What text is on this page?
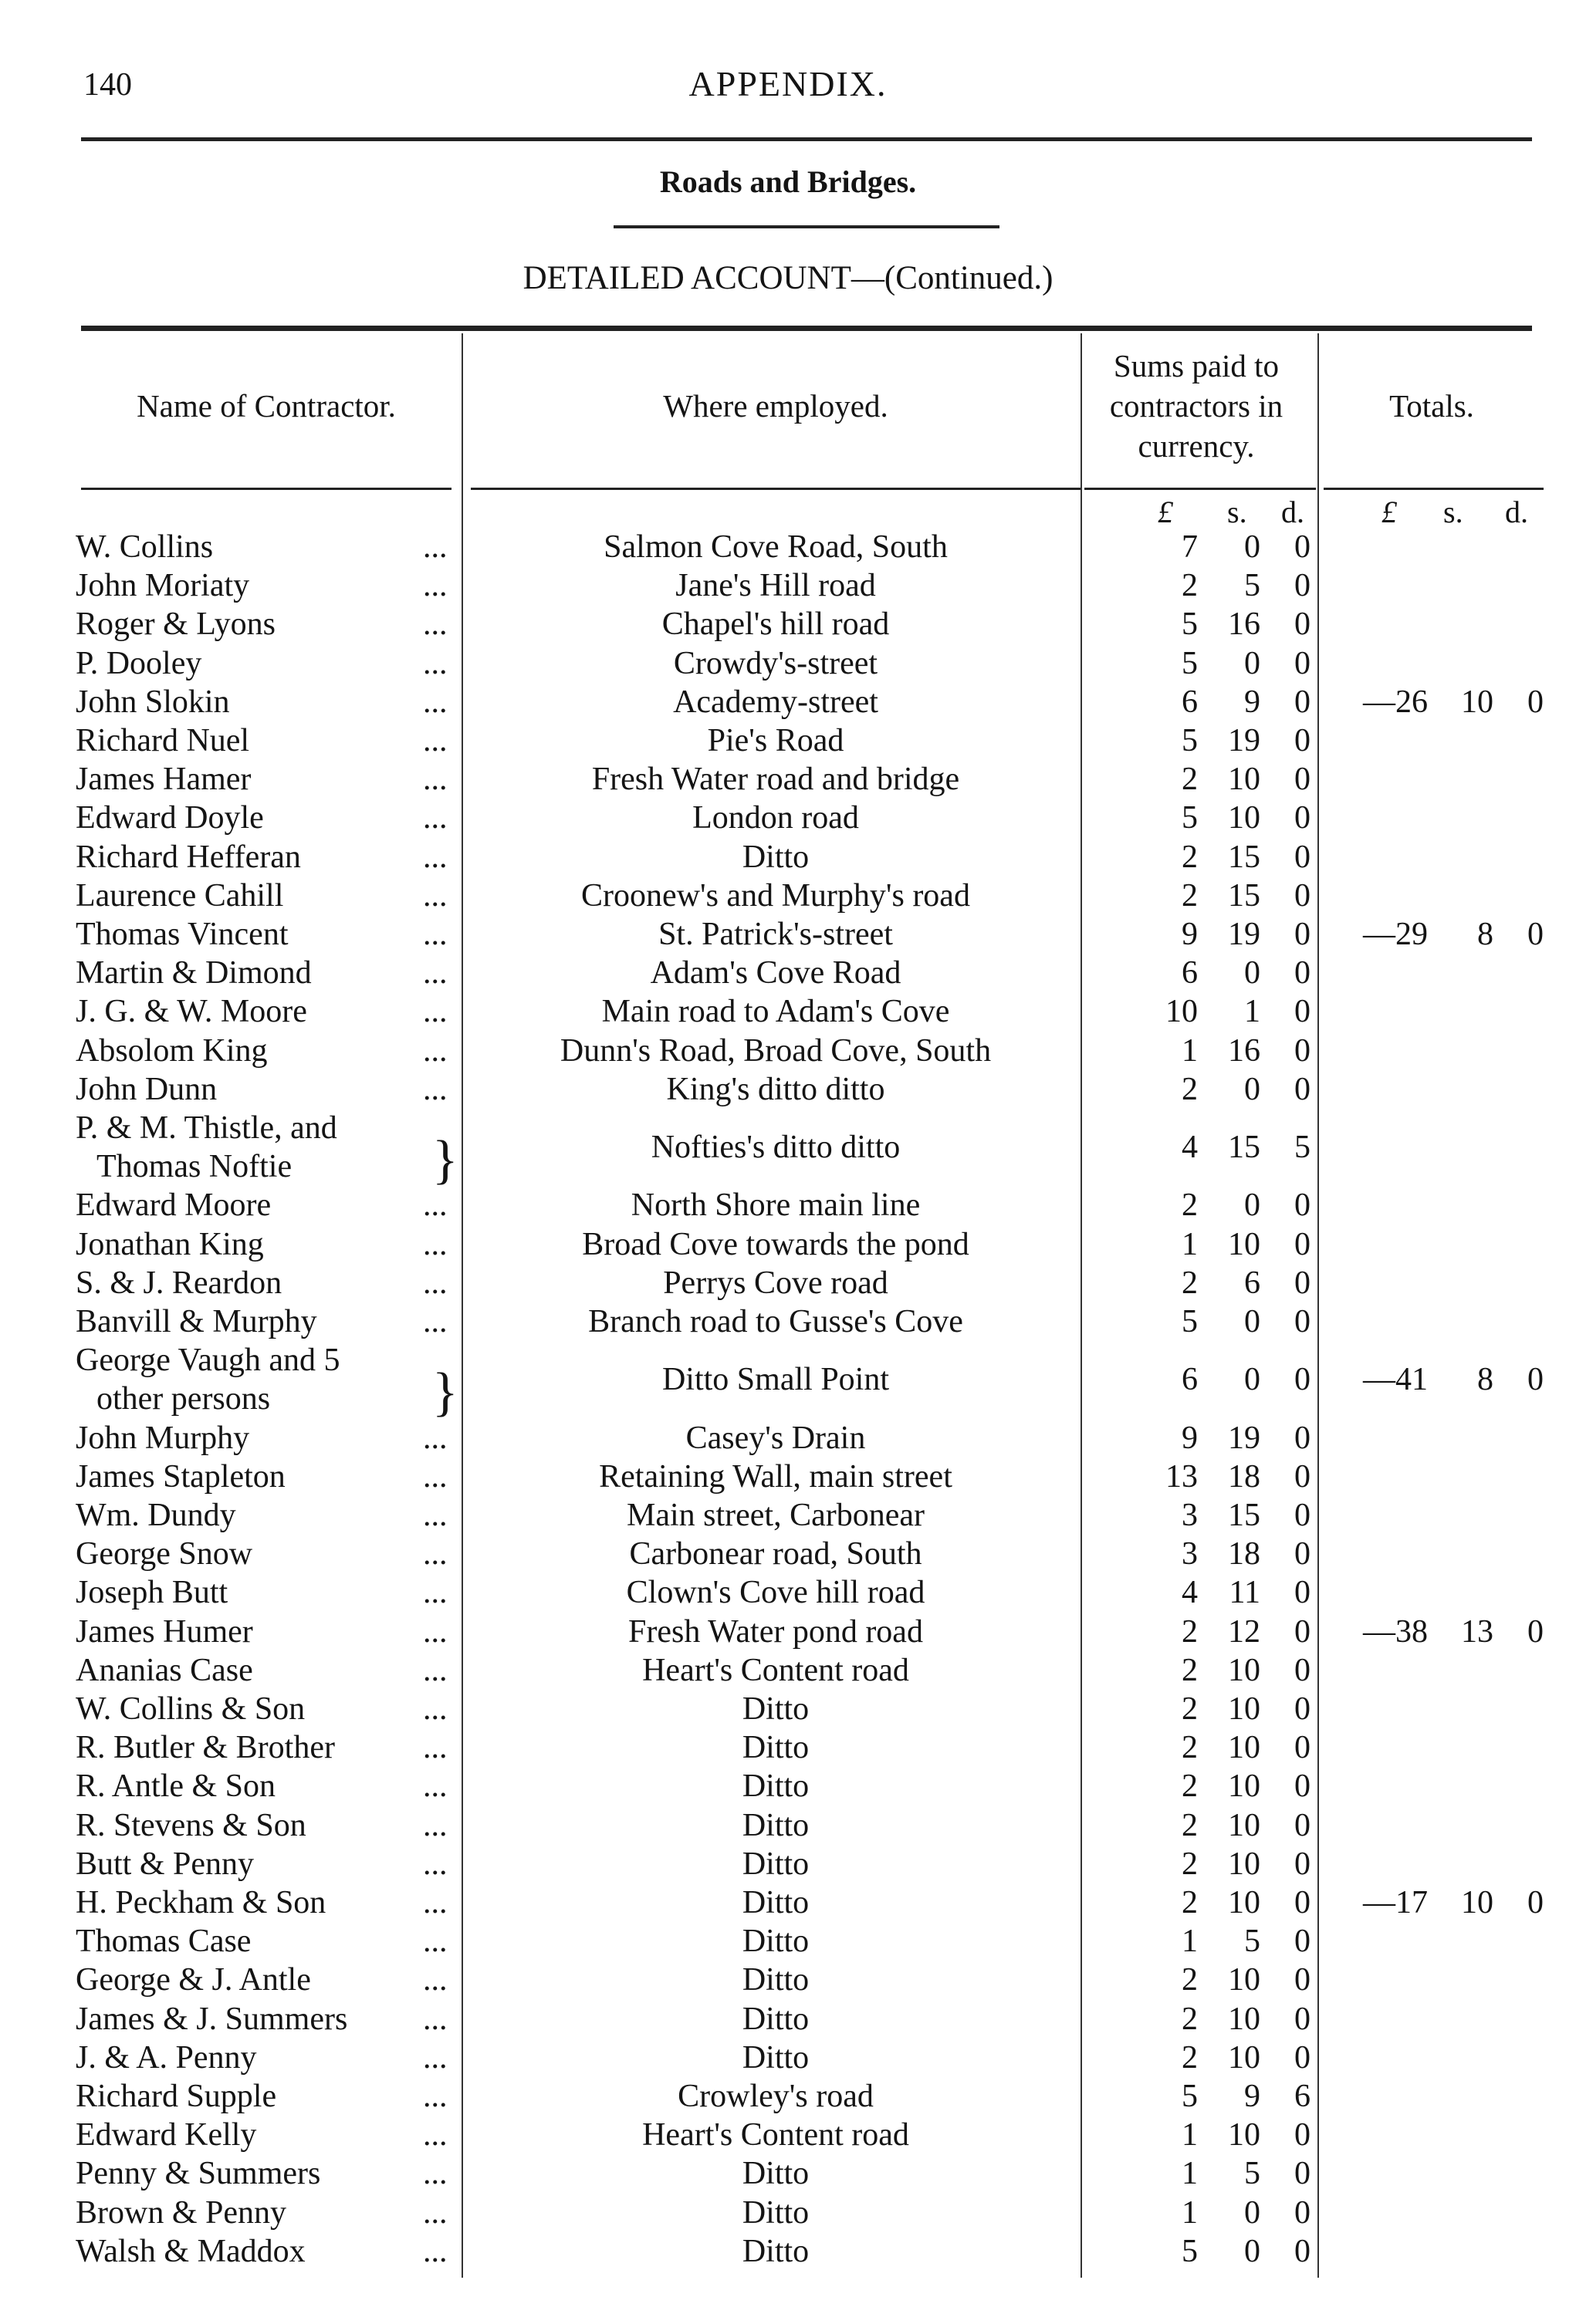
140	APPENDIX.
Roads and Bridges.
DETAILED ACCOUNT—(Continued.)
Name of Contractor.	Where employed.
Sums paid to
contractors in
currency.
Totals.
£ s. d.	£ s. d.
W. Collins	...	Salmon Cove Road, South	7	0	0
John Moriaty	...	Jane's Hill road	2	5	0
Roger & Lyons	...	Chapel's hill road	5 16	0
P. Dooley	...	Crowdy's-street	5	0	0
John Slokin	...	Academy-street	6	9	0	—26	10	0
Richard Nuel	...	Pie's Road	5 19	0
James Hamer	...	Fresh Water road and bridge	2 10	0
Edward Doyle	...	London road	5 10	0
Richard Hefferan	...	Ditto	2 15	0
Laurence Cahill	...	Croonew's and Murphy's road	2 15	0
Thomas Vincent	...	St. Patrick's-street	9 19	0	—29	8	0
Martin & Dimond	...	Adam's Cove Road	6	0	0
J. G. & W. Moore	...	Main road to Adam's Cove	10	1	0
Absolom King	...	Dunn's Road, Broad Cove, South	1 16	0
John Dunn	...	King's ditto ditto	2	0	0
P. & M. Thistle, and
Thomas Noftie	}	Nofties's ditto ditto	4 15	5
Edward Moore	...	North Shore main line	2	0	0
Jonathan King	...	Broad Cove towards the pond	1 10	0
S. & J. Reardon	...	Perrys Cove road	2	6	0
Banvill & Murphy	...	Branch road to Gusse's Cove	5	0	0
George Vaugh and 5
other persons	}	Ditto Small Point	6	0	0	—41	8	0
John Murphy	...	Casey's Drain	9 19	0
James Stapleton	...	Retaining Wall, main street	13 18	0
Wm. Dundy	...	Main street, Carbonear	3 15	0
George Snow	...	Carbonear road, South	3 18	0
Joseph Butt	...	Clown's Cove hill road	4 11	0
James Humer	...	Fresh Water pond road	2 12	0	—38	13	0
Ananias Case	...	Heart's Content road	2 10	0
W. Collins & Son	...	Ditto	2 10	0
R. Butler & Brother	...	Ditto	2 10	0
R. Antle & Son	...	Ditto	2 10	0
R. Stevens & Son	...	Ditto	2 10	0
Butt & Penny	...	Ditto	2 10	0
H. Peckham & Son	...	Ditto	2 10	0	—17	10	0
Thomas Case	...	Ditto	1	5	0
George & J. Antle	...	Ditto	2 10	0
James & J. Summers ...	Ditto	2 10	0
J. & A. Penny	...	Ditto	2 10	0
Richard Supple	...	Crowley's road	5	9	6
Edward Kelly	...	Heart's Content road	1 10	0
Penny & Summers	...	Ditto	1	5	0
Brown & Penny	...	Ditto	1	0	0
Walsh & Maddox	...	Ditto	5	0	0
